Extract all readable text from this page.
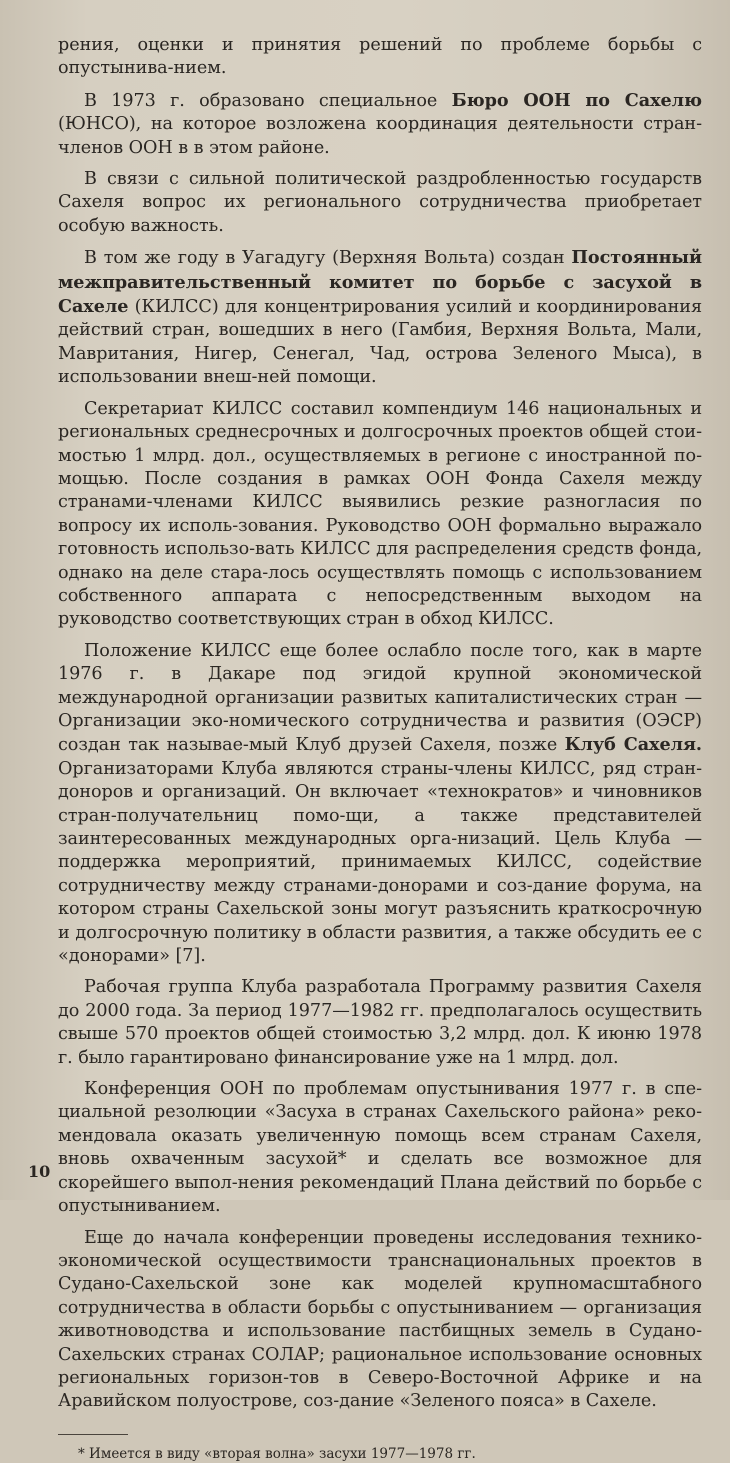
рения, оценки и принятия решений по проблеме борьбы с опустынива-нием.

В 1973 г. образовано специальное Бюро ООН по Сахелю (ЮНСО), на которое возложена координация деятельности стран-членов ООН в в этом районе.

В связи с сильной политической раздробленностью государств Сахеля вопрос их регионального сотрудничества приобретает особую важность.

В том же году в Уагадугу (Верхняя Вольта) создан Постоянный межправительственный комитет по борьбе с засухой в Сахеле (КИЛСС) для концентрирования усилий и координирования действий стран, вошедших в него (Гамбия, Верхняя Вольта, Мали, Мавритания, Нигер, Сенегал, Чад, острова Зеленого Мыса), в использовании внеш-ней помощи.

Секретариат КИЛСС составил компендиум 146 национальных и региональных среднесрочных и долгосрочных проектов общей стои-мостью 1 млрд. дол., осуществляемых в регионе с иностранной по-мощью. После создания в рамках ООН Фонда Сахеля между странами-членами КИЛСС выявились резкие разногласия по вопросу их исполь-зования. Руководство ООН формально выражало готовность использо-вать КИЛСС для распределения средств фонда, однако на деле стара-лось осуществлять помощь с использованием собственного аппарата с непосредственным выходом на руководство соответствующих стран в обход КИЛСС.

Положение КИЛСС еще более ослабло после того, как в марте 1976 г. в Дакаре под эгидой крупной экономической международной организации развитых капиталистических стран — Организации эко-номического сотрудничества и развития (ОЭСР) создан так называе-мый Клуб друзей Сахеля, позже Клуб Сахеля. Организаторами Клуба являются страны-члены КИЛСС, ряд стран-доноров и организаций. Он включает «технократов» и чиновников стран-получательниц помо-щи, а также представителей заинтересованных международных орга-низаций. Цель Клуба — поддержка мероприятий, принимаемых КИЛСС, содействие сотрудничеству между странами-донорами и соз-дание форума, на котором страны Сахельской зоны могут разъяснить краткосрочную и долгосрочную политику в области развития, а также обсудить ее с «донорами» [7].

Рабочая группа Клуба разработала Программу развития Сахеля до 2000 года. За период 1977—1982 гг. предполагалось осуществить свыше 570 проектов общей стоимостью 3,2 млрд. дол. К июню 1978 г. было гарантировано финансирование уже на 1 млрд. дол.

Конференция ООН по проблемам опустынивания 1977 г. в спе-циальной резолюции «Засуха в странах Сахельского района» реко-мендовала оказать увеличенную помощь всем странам Сахеля, вновь охваченным засухой* и сделать все возможное для скорейшего выпол-нения рекомендаций Плана действий по борьбе с опустыниванием.

Еще до начала конференции проведены исследования технико-экономической осуществимости транснациональных проектов в Судано-Сахельской зоне как моделей крупномасштабного сотрудничества в области борьбы с опустыниванием — организация животноводства и использование пастбищных земель в Судано-Сахельских странах СОЛАР; рациональное использование основных региональных горизон-тов в Северо-Восточной Африке и на Аравийском полуострове, соз-дание «Зеленого пояса» в Сахеле.

* Имеется в виду «вторая волна» засухи 1977—1978 гг.

10
